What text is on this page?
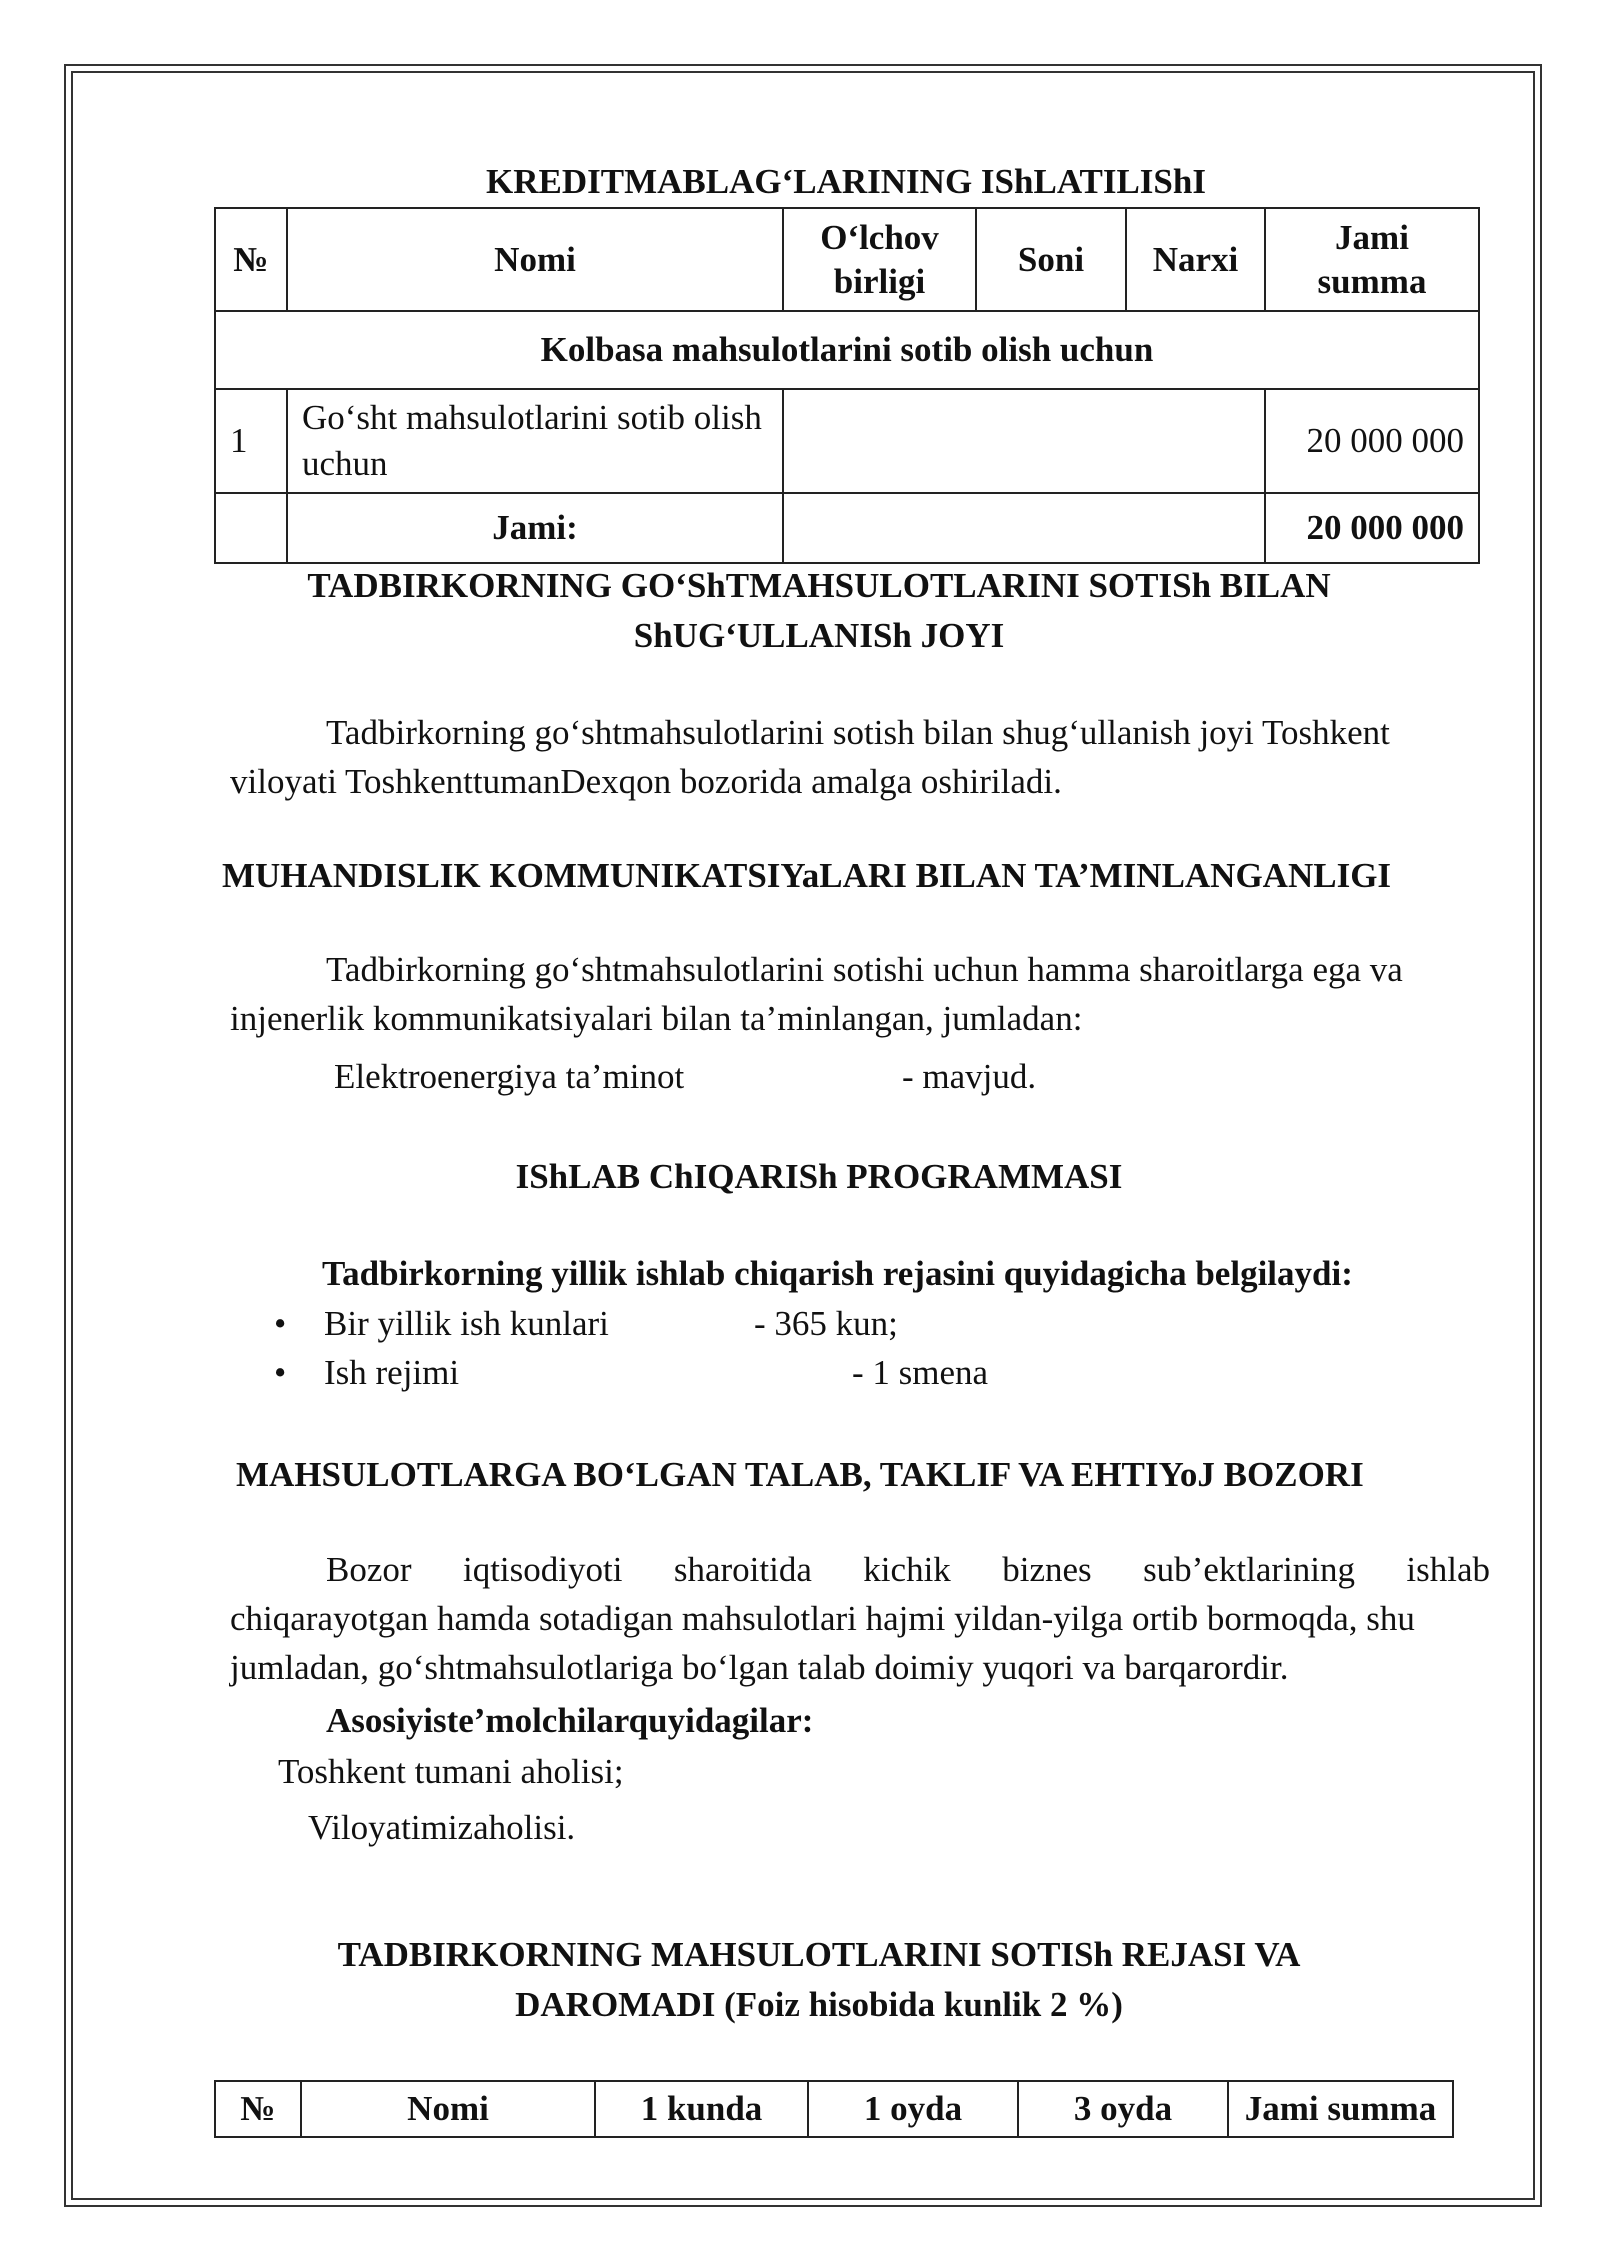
KREDITMABLAG‘LARINING IShLATILIShI
№	Nomi	O‘lchov birligi	Soni	Narxi	Jami summa
Kolbasa mahsulotlarini sotib olish uchun					
1	Go‘sht mahsulotlarini sotib olish uchun				20 000 000
	Jami:				20 000 000
TADBIRKORNING GO‘ShTMAHSULOTLARINI SOTISh BILAN
ShUG‘ULLANISh JOYI
Tadbirkorning go‘shtmahsulotlarini sotish bilan shug‘ullanish joyi Toshkent
viloyati ToshkenttumanDexqon bozorida amalga oshiriladi.
MUHANDISLIK KOMMUNIKATSIYaLARI BILAN TA’MINLANGANLIGI
Tadbirkorning go‘shtmahsulotlarini sotishi uchun hamma sharoitlarga ega va
injenerlik kommunikatsiyalari bilan ta’minlangan, jumladan:
Elektroenergiya ta’minot	- mavjud.
IShLAB ChIQARISh PROGRAMMASI
Tadbirkorning yillik ishlab chiqarish rejasini quyidagicha belgilaydi:
•	Bir yillik ish kunlari	- 365 kun;
•	Ish rejimi	- 1 smena
MAHSULOTLARGA BO‘LGAN TALAB, TAKLIF VA EHTIYoJ BOZORI
Bozor iqtisodiyoti sharoitida kichik biznes sub’ektlarining ishlab
chiqarayotgan hamda sotadigan mahsulotlari hajmi yildan-yilga ortib bormoqda, shu
jumladan, go‘shtmahsulotlariga bo‘lgan talab doimiy yuqori va barqarordir.
Asosiyiste’molchilarquyidagilar:
Toshkent tumani aholisi;
Viloyatimizaholisi.
TADBIRKORNING MAHSULOTLARINI SOTISh REJASI VA
DAROMADI (Foiz hisobida kunlik 2 %)
№	Nomi	1 kunda	1 oyda	3 oyda	Jami summa
